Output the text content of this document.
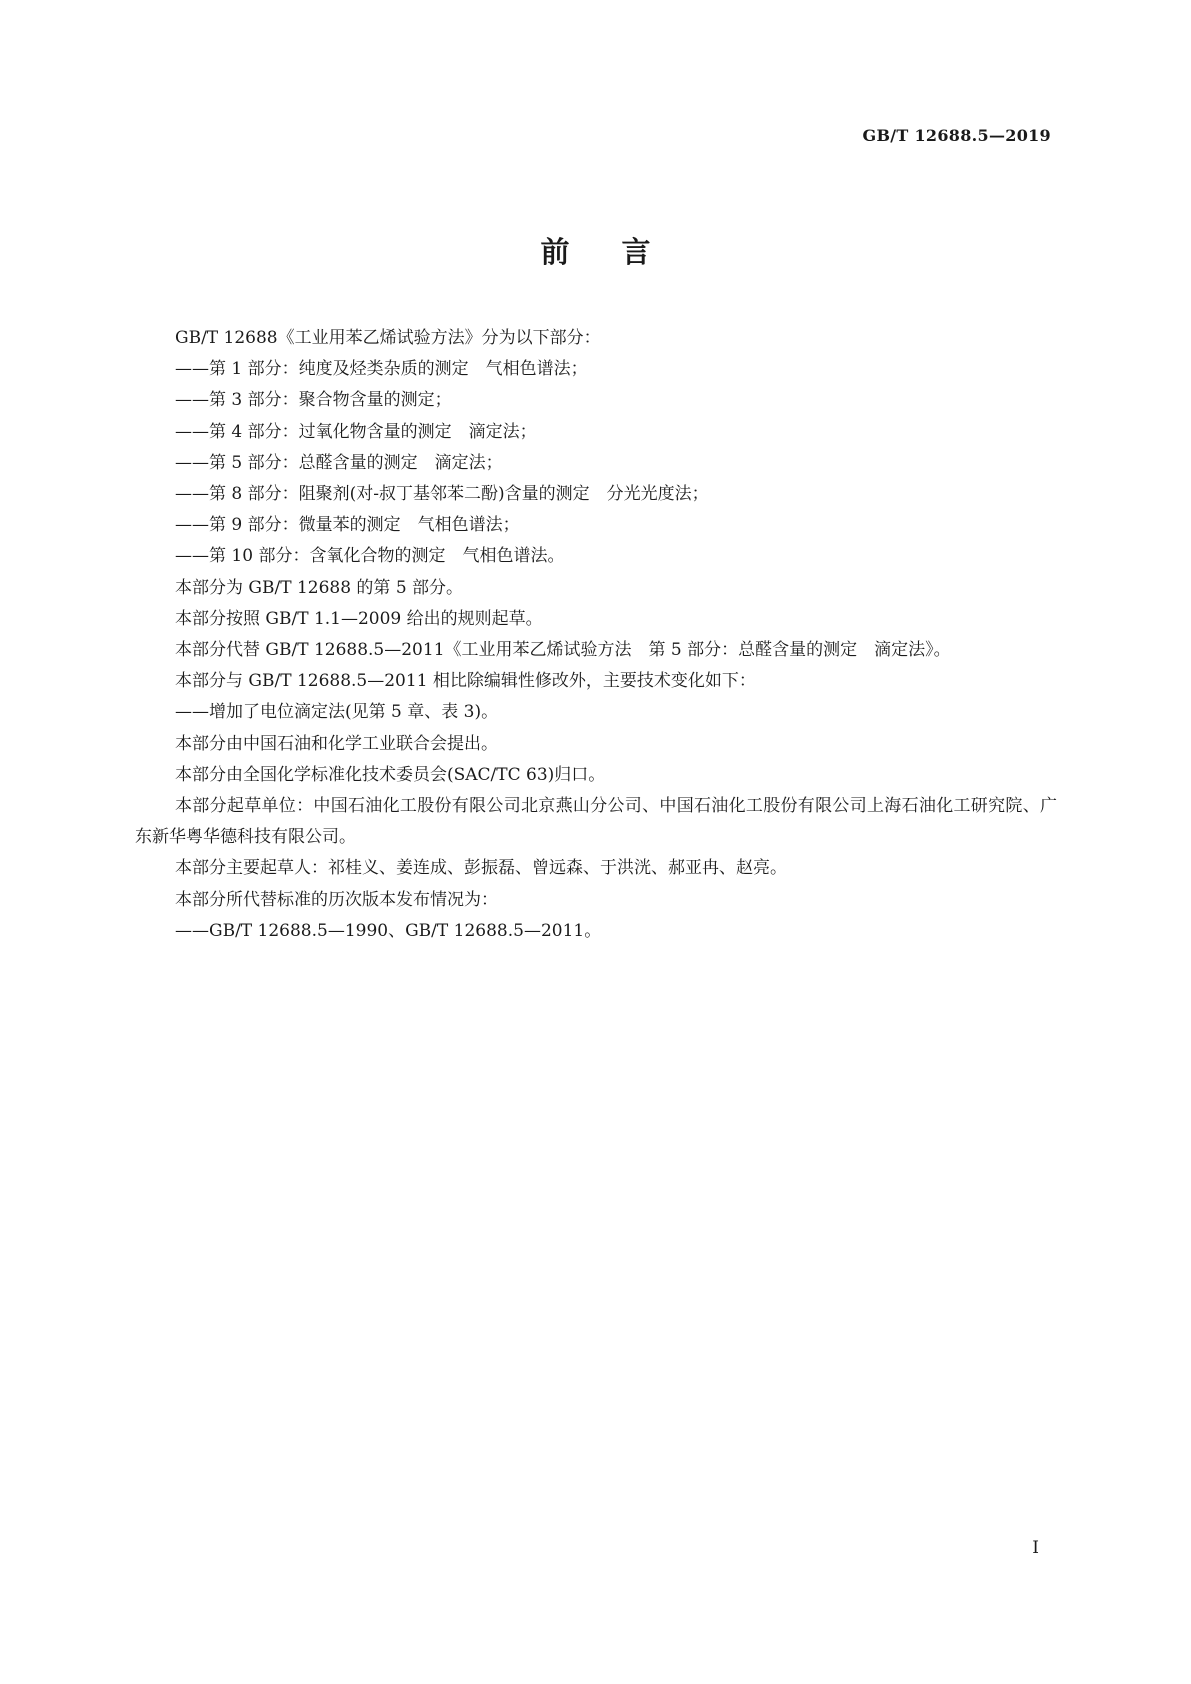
GB/T 12688.5—2019
前言

GB/T 12688《工业用苯乙烯试验方法》分为以下部分：

——第 1 部分：纯度及烃类杂质的测定　气相色谱法；

——第 3 部分：聚合物含量的测定；

——第 4 部分：过氧化物含量的测定　滴定法；

——第 5 部分：总醛含量的测定　滴定法；

——第 8 部分：阻聚剂(对-叔丁基邻苯二酚)含量的测定　分光光度法；

——第 9 部分：微量苯的测定　气相色谱法；

——第 10 部分：含氧化合物的测定　气相色谱法。

本部分为 GB/T 12688 的第 5 部分。

本部分按照 GB/T 1.1—2009 给出的规则起草。

本部分代替 GB/T 12688.5—2011《工业用苯乙烯试验方法　第 5 部分：总醛含量的测定　滴定法》。

本部分与 GB/T 12688.5—2011 相比除编辑性修改外，主要技术变化如下：

——增加了电位滴定法(见第 5 章、表 3)。

本部分由中国石油和化学工业联合会提出。

本部分由全国化学标准化技术委员会(SAC/TC 63)归口。

本部分起草单位：中国石油化工股份有限公司北京燕山分公司、中国石油化工股份有限公司上海石油化工研究院、广东新华粤华德科技有限公司。

本部分主要起草人：祁桂义、姜连成、彭振磊、曾远森、于洪洸、郝亚冉、赵亮。

本部分所代替标准的历次版本发布情况为：

——GB/T 12688.5—1990、GB/T 12688.5—2011。

I
